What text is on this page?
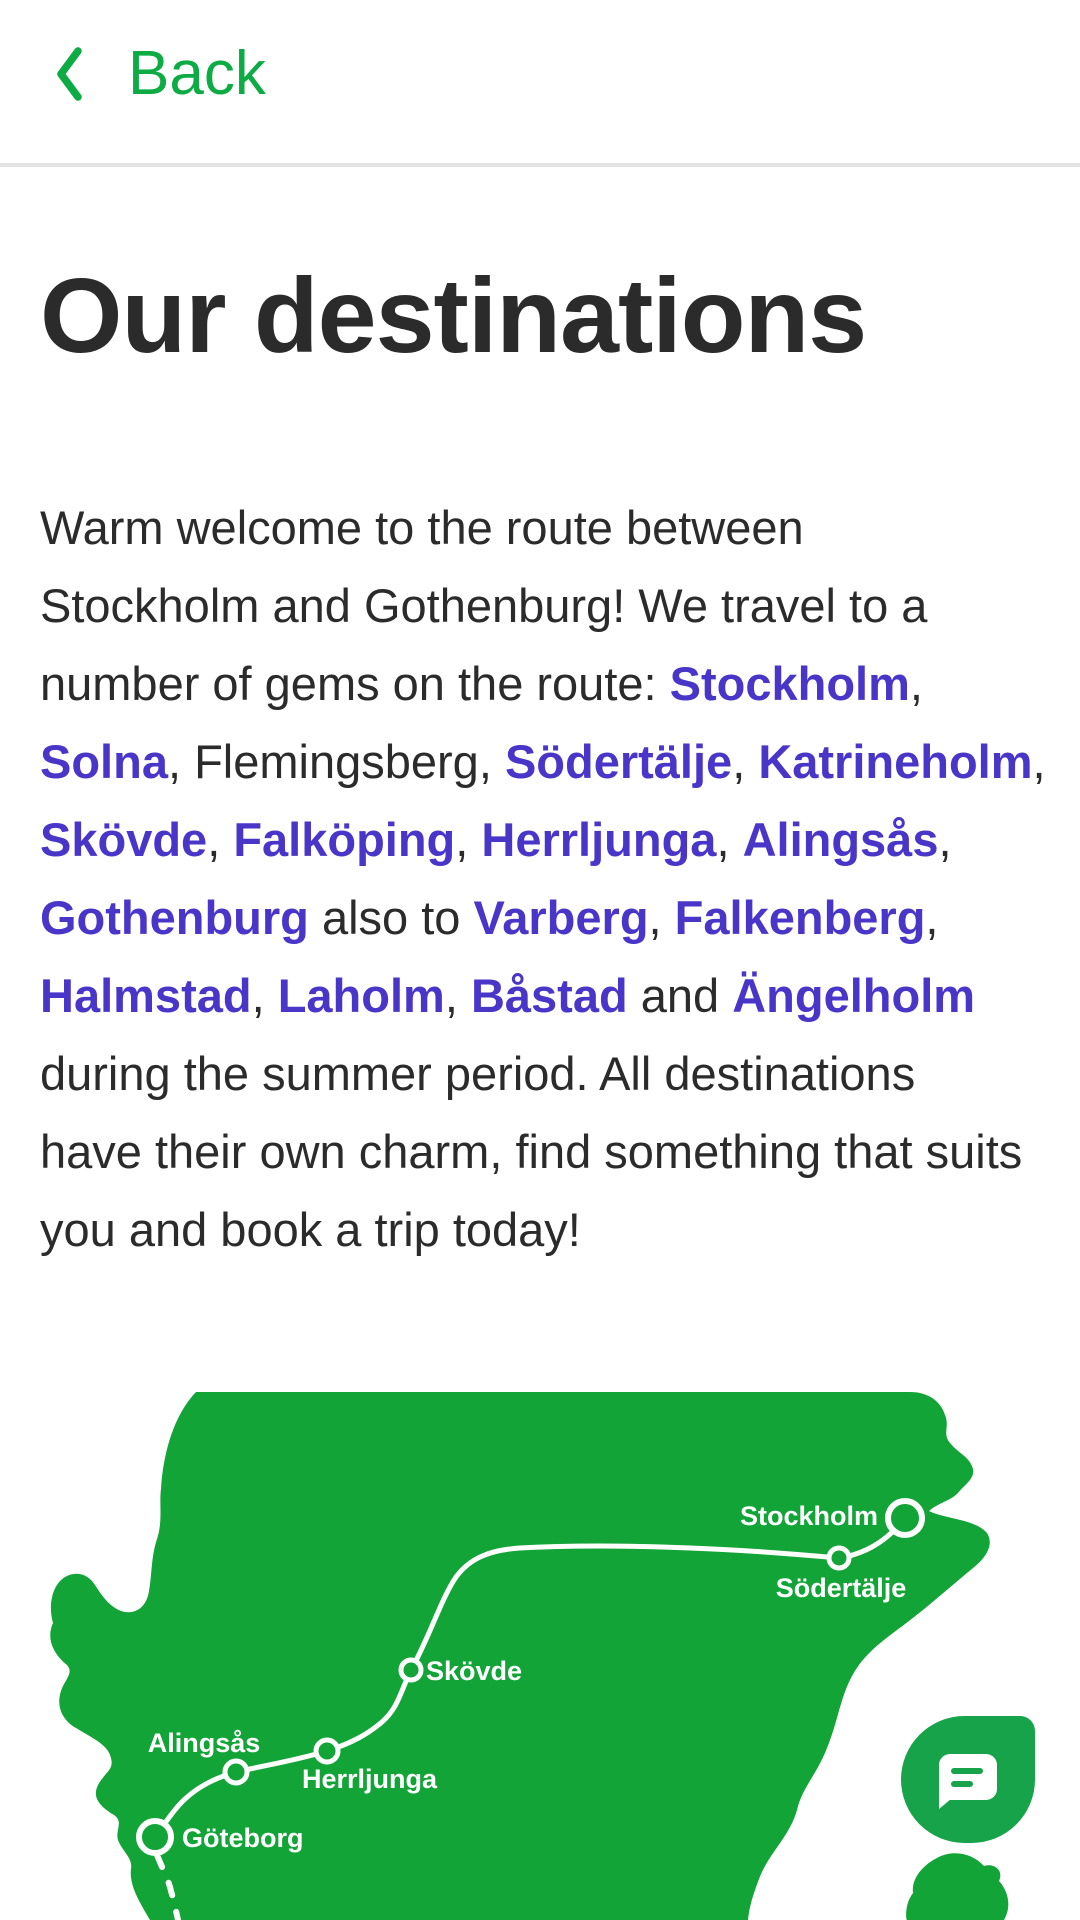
Back
Our destinations
Warm welcome to the route between
Stockholm and Gothenburg! We travel to a
number of gems on the route: Stockholm,
Solna, Flemingsberg, Södertälje, Katrineholm,
Skövde, Falköping, Herrljunga, Alingsås,
Gothenburg also to Varberg, Falkenberg,
Halmstad, Laholm, Båstad and Ängelholm
during the summer period. All destinations
have their own charm, find something that suits
you and book a trip today!
Stockholm
Södertälje
Skövde
Alingsås
Herrljunga
Göteborg
